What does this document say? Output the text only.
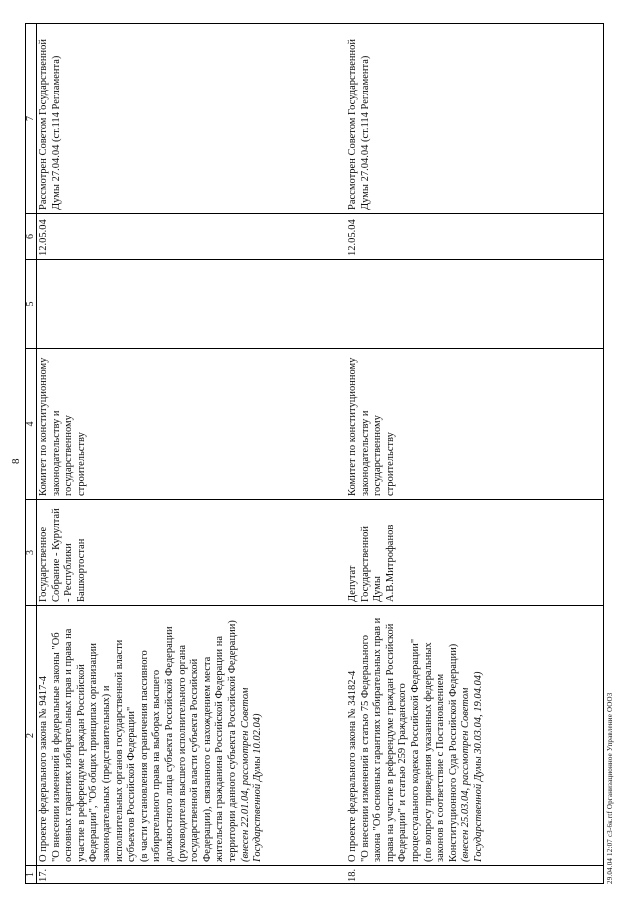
8
1	2	3	4	5	6	7
17.	О проекте федерального закона № 9417-4 "О внесении изменений в федеральные законы "Об основных гарантиях избирательных прав и права на участие в референдуме граждан Российской Федерации", "Об общих принципах организации законодательных (представительных) и исполнительных органов государственной власти субъектов Российской Федерации"
(в части установления ограничения пассивного избирательного права на выборах высшего должностного лица субъекта Российской Федерации (руководителя высшего исполнительного органа государственной власти субъекта Российской Федерации), связанного с нахождением места жительства гражданина Российской Федерации на территории данного субъекта Российской Федерации)
(внесен 22.01.04, рассмотрен Советом Государственной Думы 10.02.04)	Государственное Собрание - Курултай - Республики Башкортостан	Комитет по конституционному законодательству и государственному строительству		12.05.04	Рассмотрен Советом Государственной Думы 27.04.04 (ст.114 Регламента)
18.	О проекте федерального закона № 34182-4 "О внесении изменений в статью 75 Федерального закона "Об основных гарантиях избирательных прав и права на участие в референдуме граждан Российской Федерации" и статью 259 Гражданского процессуального кодекса Российской Федерации"
(по вопросу приведения указанных федеральных законов в соответствие с Постановлением Конституционного Суда Российской Федерации)
(внесен 25.03.04, рассмотрен Советом Государственной Думы 30.03.04, 19.04.04)	Депутат Государственной Думы А.В.Митрофанов	Комитет по конституционному законодательству и государственному строительству		12.05.04	Рассмотрен Советом Государственной Думы 27.04.04 (ст.114 Регламента)
29.04.04 12:07 сЗ-6к.rtf Организационное Управление ОООЗ
